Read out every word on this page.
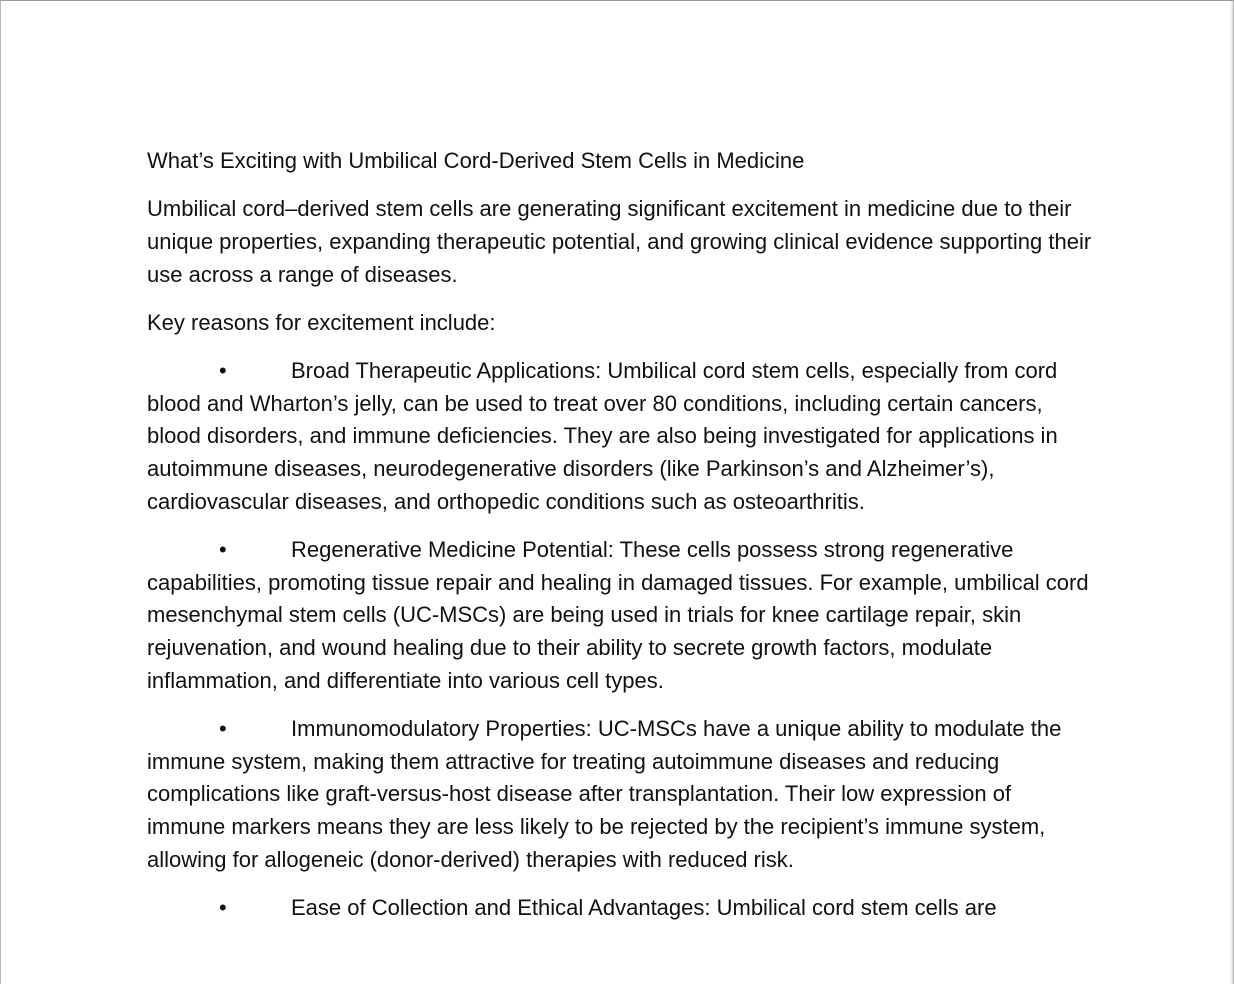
What’s Exciting with Umbilical Cord-Derived Stem Cells in Medicine

Umbilical cord–derived stem cells are generating significant excitement in medicine due to their unique properties, expanding therapeutic potential, and growing clinical evidence supporting their use across a range of diseases.

Key reasons for excitement include:

•	Broad Therapeutic Applications: Umbilical cord stem cells, especially from cord blood and Wharton’s jelly, can be used to treat over 80 conditions, including certain cancers, blood disorders, and immune deficiencies. They are also being investigated for applications in autoimmune diseases, neurodegenerative disorders (like Parkinson’s and Alzheimer’s), cardiovascular diseases, and orthopedic conditions such as osteoarthritis.

•	Regenerative Medicine Potential: These cells possess strong regenerative capabilities, promoting tissue repair and healing in damaged tissues. For example, umbilical cord mesenchymal stem cells (UC-MSCs) are being used in trials for knee cartilage repair, skin rejuvenation, and wound healing due to their ability to secrete growth factors, modulate inflammation, and differentiate into various cell types.

•	Immunomodulatory Properties: UC-MSCs have a unique ability to modulate the immune system, making them attractive for treating autoimmune diseases and reducing complications like graft-versus-host disease after transplantation. Their low expression of immune markers means they are less likely to be rejected by the recipient’s immune system, allowing for allogeneic (donor-derived) therapies with reduced risk.

•	Ease of Collection and Ethical Advantages: Umbilical cord stem cells are
